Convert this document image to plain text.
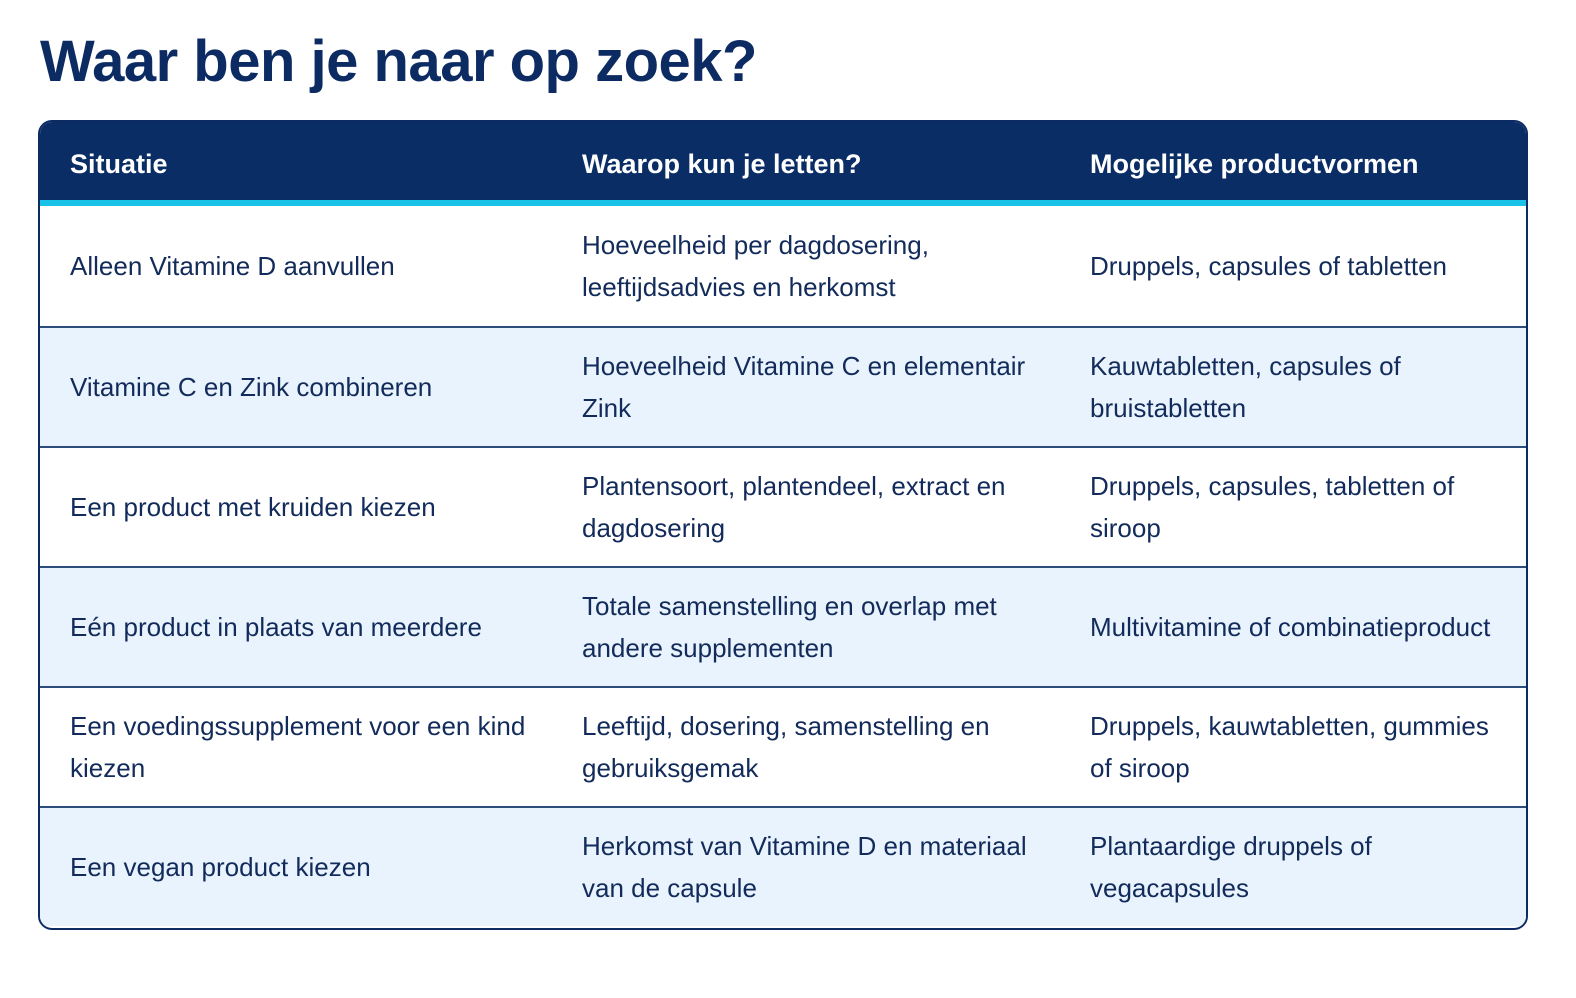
Waar ben je naar op zoek?
Situatie	Waarop kun je letten?	Mogelijke productvormen
Alleen Vitamine D aanvullen
Hoeveelheid per dagdosering, leeftijdsadvies en herkomst
Druppels, capsules of tabletten
Vitamine C en Zink combineren
Hoeveelheid Vitamine C en elementair Zink
Kauwtabletten, capsules of bruistabletten
Een product met kruiden kiezen
Plantensoort, plantendeel, extract en dagdosering
Druppels, capsules, tabletten of siroop
Eén product in plaats van meerdere
Totale samenstelling en overlap met andere supplementen
Multivitamine of combinatieproduct
Een voedingssupplement voor een kind kiezen
Leeftijd, dosering, samenstelling en gebruiksgemak
Druppels, kauwtabletten, gummies of siroop
Een vegan product kiezen
Herkomst van Vitamine D en materiaal van de capsule
Plantaardige druppels of vegacapsules
